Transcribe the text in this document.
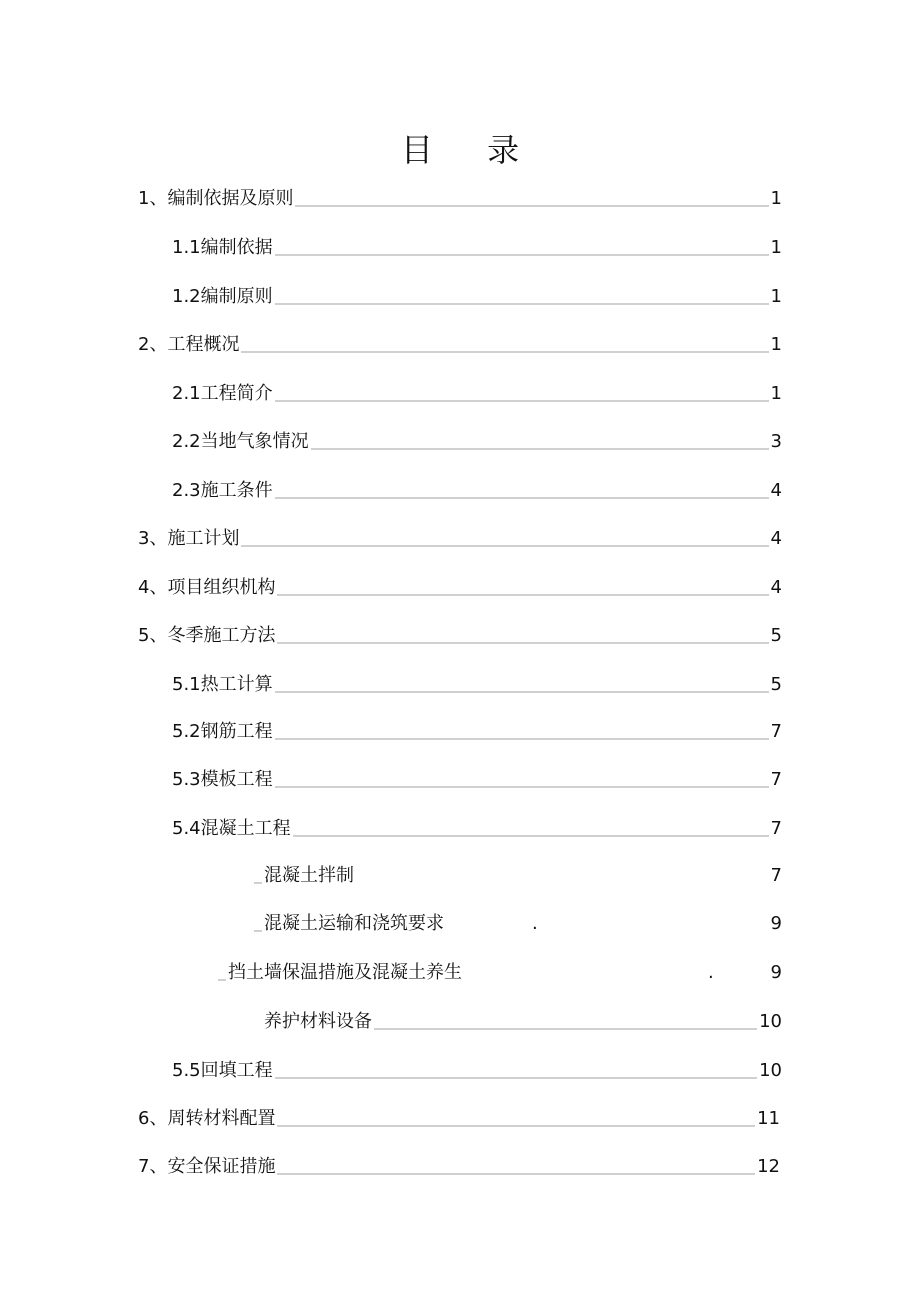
目 录
1、 编制依据及原则	1
1.1 编制依据	1
1.2 编制原则	1
2、 工程概况	1
2.1 工程简介	1
2.2 当地气象情况	3
2.3 施工条件	4
3、 施工计划	4
4、 项目组织机构	4
5、 冬季施工方法	5
5.1 热工计算	5
5.2 钢筋工程	7
5.3 模板工程	7
5.4 混凝土工程	7
混凝土拌制	7
混凝土运输和浇筑要求	.	9
挡土墙保温措施及混凝土养生	.	9
养护材料设备	10
5.5 回填工程	10
6、 周转材料配置	11
7、 安全保证措施	12
